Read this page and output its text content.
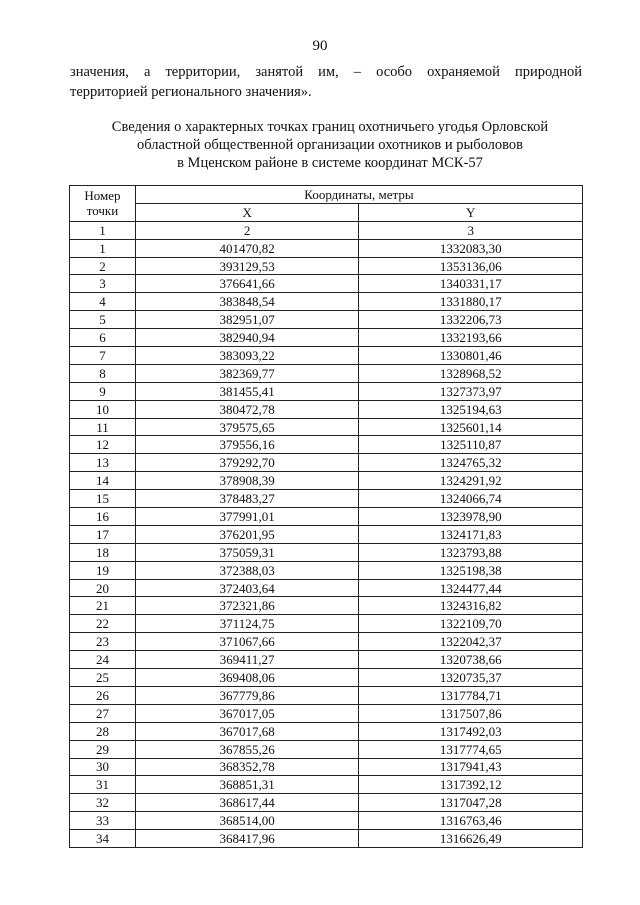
90
значения, а территории, занятой им, – особо охраняемой природной
территорией регионального значения».
Сведения о характерных точках границ охотничьего угодья Орловской
областной общественной организации охотников и рыболовов
в Мценском районе в системе координат МСК-57
Номер
точки	Координаты, метры	
	X	Y
1	2	3
1	401470,82	1332083,30
2	393129,53	1353136,06
3	376641,66	1340331,17
4	383848,54	1331880,17
5	382951,07	1332206,73
6	382940,94	1332193,66
7	383093,22	1330801,46
8	382369,77	1328968,52
9	381455,41	1327373,97
10	380472,78	1325194,63
11	379575,65	1325601,14
12	379556,16	1325110,87
13	379292,70	1324765,32
14	378908,39	1324291,92
15	378483,27	1324066,74
16	377991,01	1323978,90
17	376201,95	1324171,83
18	375059,31	1323793,88
19	372388,03	1325198,38
20	372403,64	1324477,44
21	372321,86	1324316,82
22	371124,75	1322109,70
23	371067,66	1322042,37
24	369411,27	1320738,66
25	369408,06	1320735,37
26	367779,86	1317784,71
27	367017,05	1317507,86
28	367017,68	1317492,03
29	367855,26	1317774,65
30	368352,78	1317941,43
31	368851,31	1317392,12
32	368617,44	1317047,28
33	368514,00	1316763,46
34	368417,96	1316626,49
